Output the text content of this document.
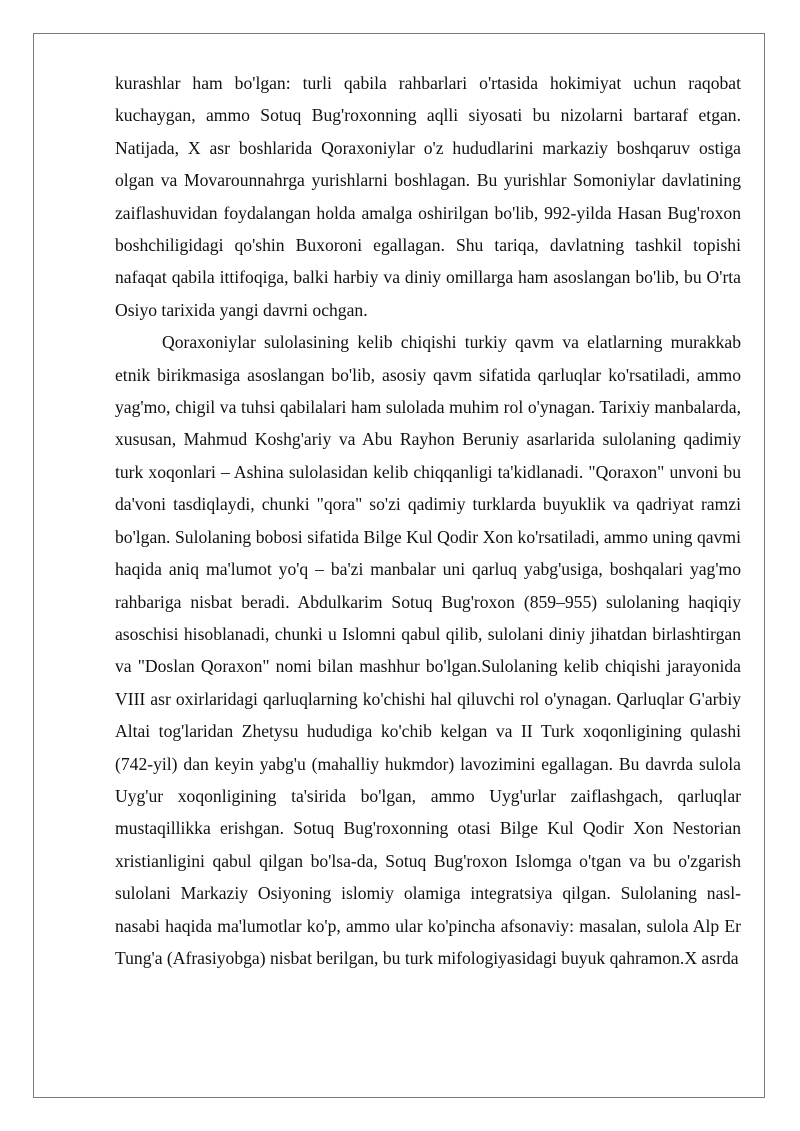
kurashlar ham bo'lgan: turli qabila rahbarlari o'rtasida hokimiyat uchun raqobat kuchaygan, ammo Sotuq Bug'roxonning aqlli siyosati bu nizolarni bartaraf etgan. Natijada, X asr boshlarida Qoraxoniylar o'z hududlarini markaziy boshqaruv ostiga olgan va Movarounnahrga yurishlarni boshlagan. Bu yurishlar Somoniylar davlatining zaiflashuvidan foydalangan holda amalga oshirilgan bo'lib, 992-yilda Hasan Bug'roxon boshchiligidagi qo'shin Buxoroni egallagan. Shu tariqa, davlatning tashkil topishi nafaqat qabila ittifoqiga, balki harbiy va diniy omillarga ham asoslangan bo'lib, bu O'rta Osiyo tarixida yangi davrni ochgan.

Qoraxoniylar sulolasining kelib chiqishi turkiy qavm va elatlarning murakkab etnik birikmasiga asoslangan bo'lib, asosiy qavm sifatida qarluqlar ko'rsatiladi, ammo yag'mo, chigil va tuhsi qabilalari ham sulolada muhim rol o'ynagan. Tarixiy manbalarda, xususan, Mahmud Koshg'ariy va Abu Rayhon Beruniy asarlarida sulolaning qadimiy turk xoqonlari – Ashina sulolasidan kelib chiqqanligi ta'kidlanadi. "Qoraxon" unvoni bu da'voni tasdiqlaydi, chunki "qora" so'zi qadimiy turklarda buyuklik va qadriyat ramzi bo'lgan. Sulolaning bobosi sifatida Bilge Kul Qodir Xon ko'rsatiladi, ammo uning qavmi haqida aniq ma'lumot yo'q – ba'zi manbalar uni qarluq yabg'usiga, boshqalari yag'mo rahbariga nisbat beradi. Abdulkarim Sotuq Bug'roxon (859–955) sulolaning haqiqiy asoschisi hisoblanadi, chunki u Islomni qabul qilib, sulolani diniy jihatdan birlashtirgan va "Doslan Qoraxon" nomi bilan mashhur bo'lgan.Sulolaning kelib chiqishi jarayonida VIII asr oxirlaridagi qarluqlarning ko'chishi hal qiluvchi rol o'ynagan. Qarluqlar G'arbiy Altai tog'laridan Zhetysu hududiga ko'chib kelgan va II Turk xoqonligining qulashi (742-yil) dan keyin yabg'u (mahalliy hukmdor) lavozimini egallagan. Bu davrda sulola Uyg'ur xoqonligining ta'sirida bo'lgan, ammo Uyg'urlar zaiflashgach, qarluqlar mustaqillikka erishgan. Sotuq Bug'roxonning otasi Bilge Kul Qodir Xon Nestorian xristianligini qabul qilgan bo'lsa-da, Sotuq Bug'roxon Islomga o'tgan va bu o'zgarish sulolani Markaziy Osiyoning islomiy olamiga integratsiya qilgan. Sulolaning nasl-nasabi haqida ma'lumotlar ko'p, ammo ular ko'pincha afsonaviy: masalan, sulola Alp Er Tung'a (Afrasiyobga) nisbat berilgan, bu turk mifologiyasidagi buyuk qahramon.X asrda
